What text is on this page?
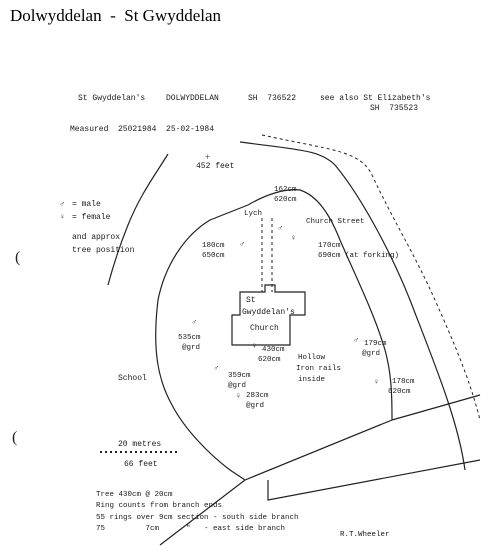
Dolwyddelan  -  St Gwyddelan
+
(
(
St Gwyddelan's	DOLWYDDELAN	SH  736522	see also St Elizabeth's
SH  735523
Measured  25021984  25-02-1984
452 feet
♂ = male
♀ = female
and approx
tree position
Lych
Church Street
St
Gwyddelan's
Church
School
Hollow
Iron rails
inside
162cm
620cm
♂
180cm
650cm
♂	170cm
690cm (at forking)
♀
535cm
@grd
♂
430cm
620cm
♀
359cm
@grd
♂
283cm
@grd
♀
179cm
@grd
♂
178cm
620cm
♀
20 metres
66 feet
Tree 430cm @ 20cm
Ring counts from branch ends
55 rings over 9cm section - south side branch
75         7cm      "   - east side branch
R.T.Wheeler
